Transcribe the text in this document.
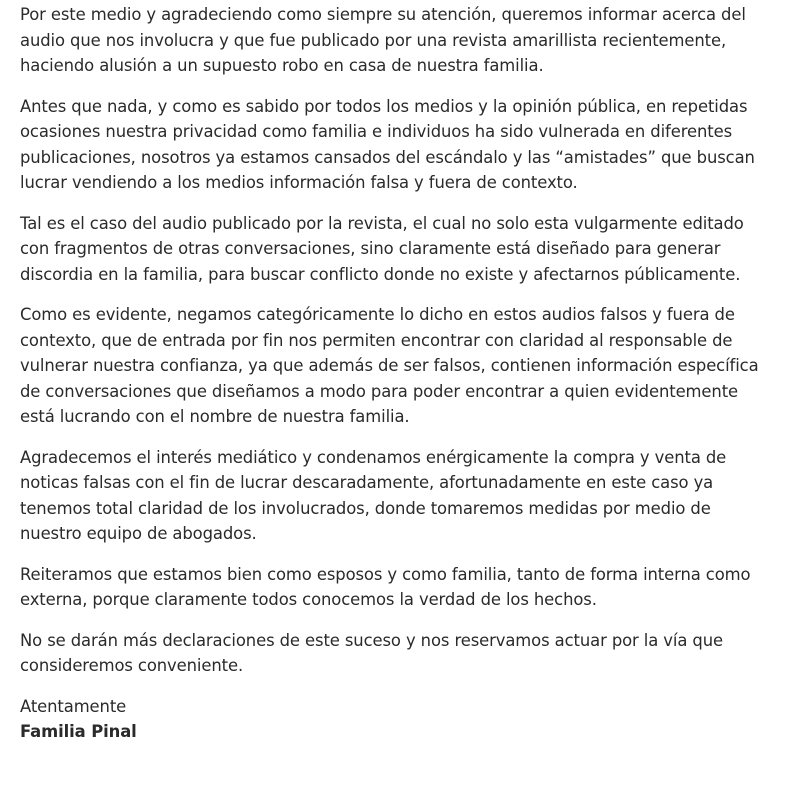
Por este medio y agradeciendo como siempre su atención, queremos informar acerca del
audio que nos involucra y que fue publicado por una revista amarillista recientemente,
haciendo alusión a un supuesto robo en casa de nuestra familia.

Antes que nada, y como es sabido por todos los medios y la opinión pública, en repetidas
ocasiones nuestra privacidad como familia e individuos ha sido vulnerada en diferentes
publicaciones, nosotros ya estamos cansados del escándalo y las “amistades” que buscan
lucrar vendiendo a los medios información falsa y fuera de contexto.

Tal es el caso del audio publicado por la revista, el cual no solo esta vulgarmente editado
con fragmentos de otras conversaciones, sino claramente está diseñado para generar
discordia en la familia, para buscar conflicto donde no existe y afectarnos públicamente.

Como es evidente, negamos categóricamente lo dicho en estos audios falsos y fuera de
contexto, que de entrada por fin nos permiten encontrar con claridad al responsable de
vulnerar nuestra confianza, ya que además de ser falsos, contienen información específica
de conversaciones que diseñamos a modo para poder encontrar a quien evidentemente
está lucrando con el nombre de nuestra familia.

Agradecemos el interés mediático y condenamos enérgicamente la compra y venta de
noticas falsas con el fin de lucrar descaradamente, afortunadamente en este caso ya
tenemos total claridad de los involucrados, donde tomaremos medidas por medio de
nuestro equipo de abogados.

Reiteramos que estamos bien como esposos y como familia, tanto de forma interna como
externa, porque claramente todos conocemos la verdad de los hechos.

No se darán más declaraciones de este suceso y nos reservamos actuar por la vía que
consideremos conveniente.

Atentamente
Familia Pinal
